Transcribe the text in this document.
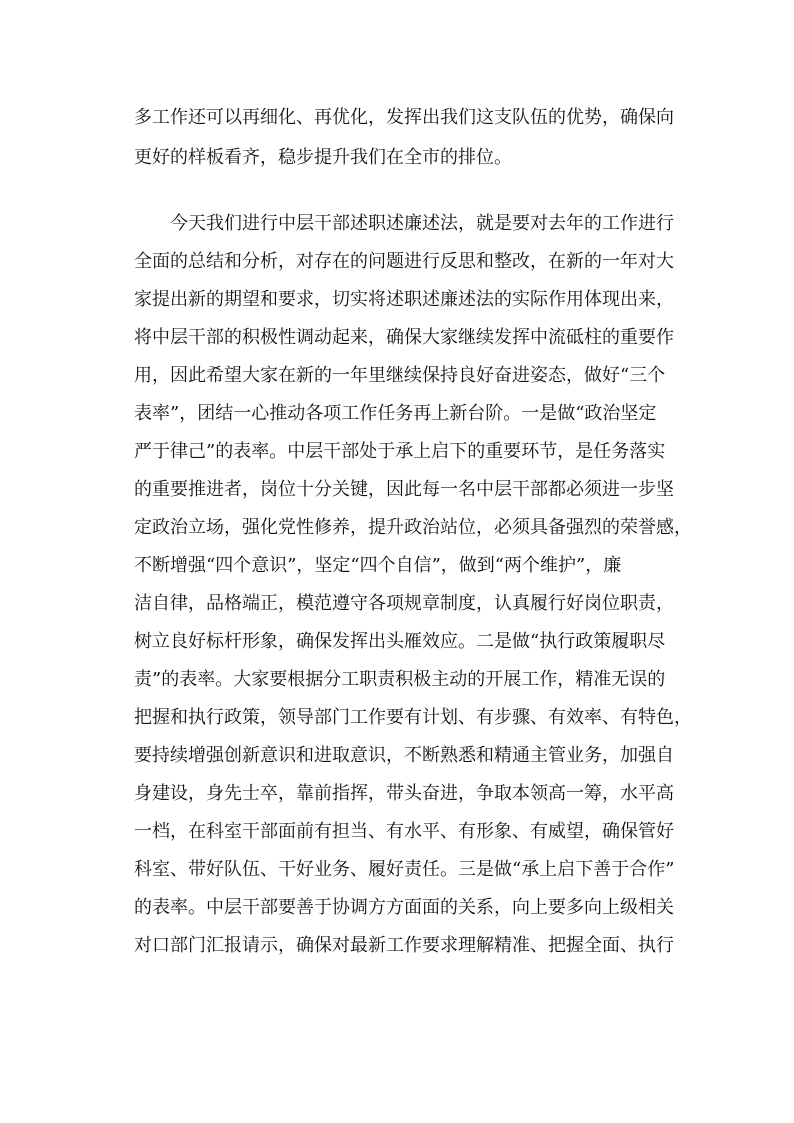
多工作还可以再细化、再优化，发挥出我们这支队伍的优势，确保向
更好的样板看齐，稳步提升我们在全市的排位。
今天我们进行中层干部述职述廉述法，就是要对去年的工作进行
全面的总结和分析，对存在的问题进行反思和整改，在新的一年对大
家提出新的期望和要求，切实将述职述廉述法的实际作用体现出来，
将中层干部的积极性调动起来，确保大家继续发挥中流砥柱的重要作
用，因此希望大家在新的一年里继续保持良好奋进姿态，做好“三个
表率”，团结一心推动各项工作任务再上新台阶。一是做“政治坚定
严于律己”的表率。中层干部处于承上启下的重要环节，是任务落实
的重要推进者，岗位十分关键，因此每一名中层干部都必须进一步坚
定政治立场，强化党性修养，提升政治站位，必须具备强烈的荣誉感，
不断增强“四个意识”，坚定“四个自信”，做到“两个维护”，廉
洁自律，品格端正，模范遵守各项规章制度，认真履行好岗位职责，
树立良好标杆形象，确保发挥出头雁效应。二是做“执行政策履职尽
责”的表率。大家要根据分工职责积极主动的开展工作，精准无误的
把握和执行政策，领导部门工作要有计划、有步骤、有效率、有特色，
要持续增强创新意识和进取意识，不断熟悉和精通主管业务，加强自
身建设，身先士卒，靠前指挥，带头奋进，争取本领高一筹，水平高
一档，在科室干部面前有担当、有水平、有形象、有威望，确保管好
科室、带好队伍、干好业务、履好责任。三是做“承上启下善于合作”
的表率。中层干部要善于协调方方面面的关系，向上要多向上级相关
对口部门汇报请示，确保对最新工作要求理解精准、把握全面、执行
